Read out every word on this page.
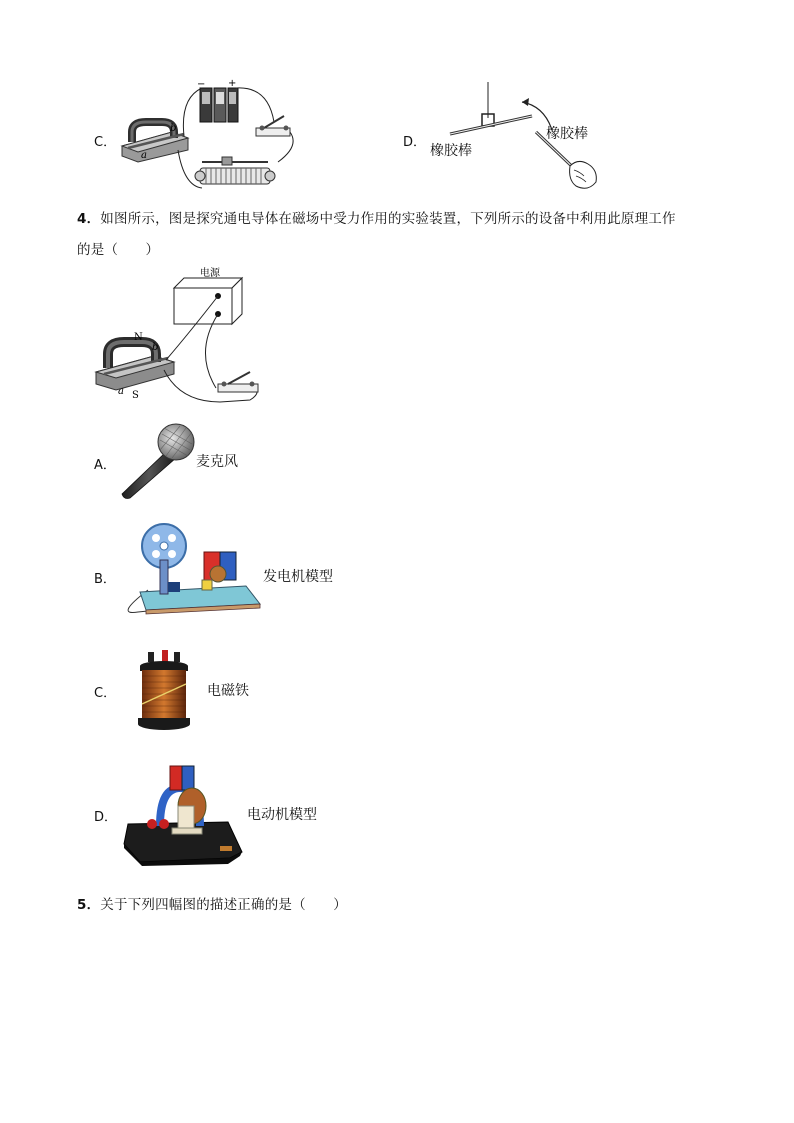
C．
a
b
− +
D．
橡胶棒
橡胶棒
4．如图所示，图是探究通电导体在磁场中受力作用的实验装置，下列所示的设备中利用此原理工作
的是（　　）
电源
N
b
a S
A．	麦克风
B．	发电机模型
C．	电磁铁
D．	电动机模型
5．关于下列四幅图的描述正确的是（　　）
